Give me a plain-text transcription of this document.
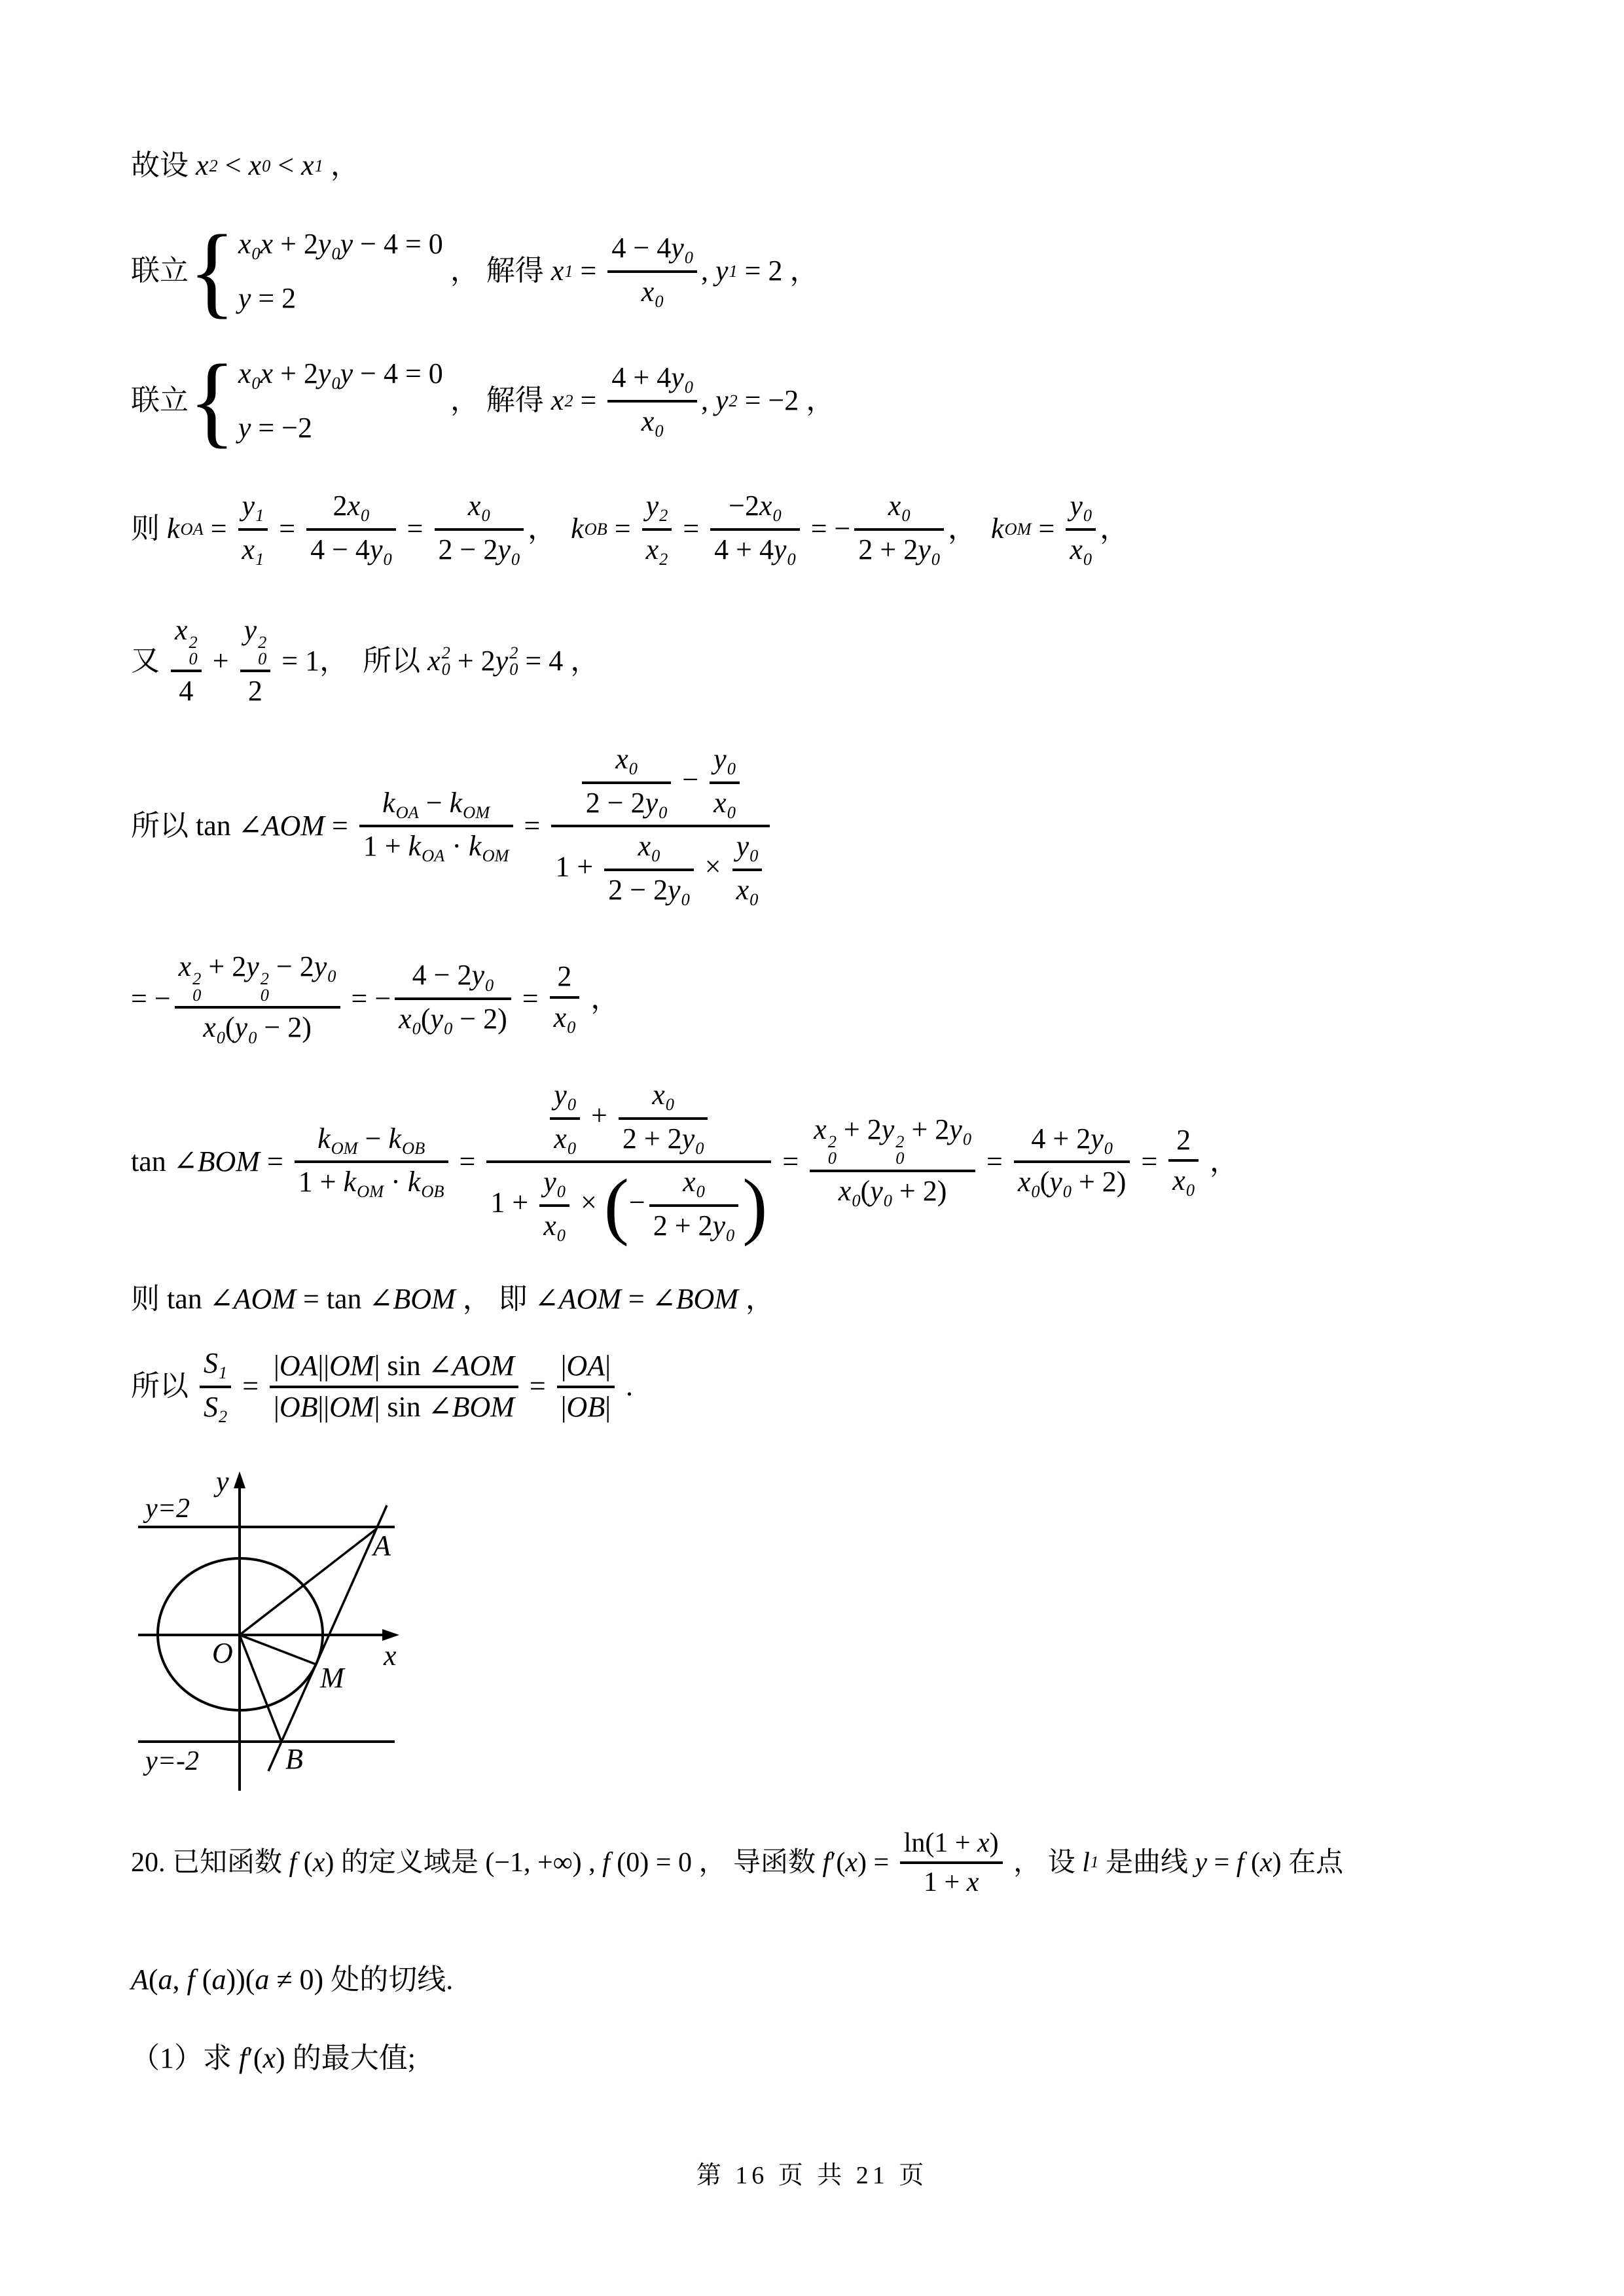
故设 x 2 < x 0 < x 1 ，
联立 { $x_0x + 2y_0y - 4 = 0$
y = 2
， 解得 x $1 = \frac{4 - 4y_0}{x_0}$ , y 1 = 2 ，
联立 { $x_0x + 2y_0y - 4 = 0$
y = −2
， 解得 x $2 = \frac{4 + 4y_0}{x_0}$ , y 2 = −2 ，
则 k OA = $\frac{y_1}{x_1} = \frac{2x_0}{4 - 4y_0} = \frac{x_0}{2 - 2y_0}$ ， k OB = $\frac{y_2}{x_2} = \frac{-2x_0}{4 + 4y_0}$ = − $\frac{x_0}{2 + 2y_0}$ ， k OM = $\frac{y_0}{x_0}$ ，
又
x 2
0
4
+ y 2
0
2 = 1，  所以 x 2
0 + 2 y 2
0 = 4 ，
所以 tan ∠ AOM =
$k_{OA} - k_{OM}$
$1 + k_{OA} \cdot k_{OM}$
= $\frac{\frac{x_0}{2 - 2y_0} - \frac{y_0}{x_0}}{1 + \frac{x_0}{2 - 2y_0} \times \frac{y_0}{x_0}}$
= − x 2
0
+ 2y 2
0
− $2y_0$
$x_0(y_0 - 2)$ = − $\frac{4 - 2y_0}{x_0(y_0 - 2)} = \frac{2}{x_0}$ ，
tan ∠ BOM =
$k_{OM} - k_{OB}$
$1 + k_{OM} \cdot k_{OB}$
= $\frac{\frac{y_0}{x_0} + \frac{x_0}{2 + 2y_0}}{1 + \frac{y_0}{x_0} \times (- \frac{x_0}{2 + 2y_0} )} = x$ 2
0
+ 2y 2
0
+ $2y_0$
$x_0(y_0 + 2) = \frac{4 + 2y_0}{x_0(y_0 + 2)} = \frac{2}{x_0}$ ，
则 tan ∠ AOM = tan ∠ BOM ， 即 ∠ AOM = ∠ BOM ，
所以 $\frac{S_1}{S_2}$ =
|OA||OM| sin ∠AOM
|OB||OM| sin ∠BOM
= $\frac{|OA|}{|OB|}$ .
y
x
O
A
M
B
y=2
y=-2
20. 已知函数 f ( x ) 的定义域是 (−1, +∞) , f (0) = 0 ， 导函数 f ′( x ) = $\frac{\ln(1 + x)}{1 + x}$ ， 设 l 1 是曲线 y = f ( x ) 在点
A ( a , f ( a ))( a ≠ 0) 处的切线.
（1）求 f ′( x ) 的最大值;
第 16 页 共 21 页
